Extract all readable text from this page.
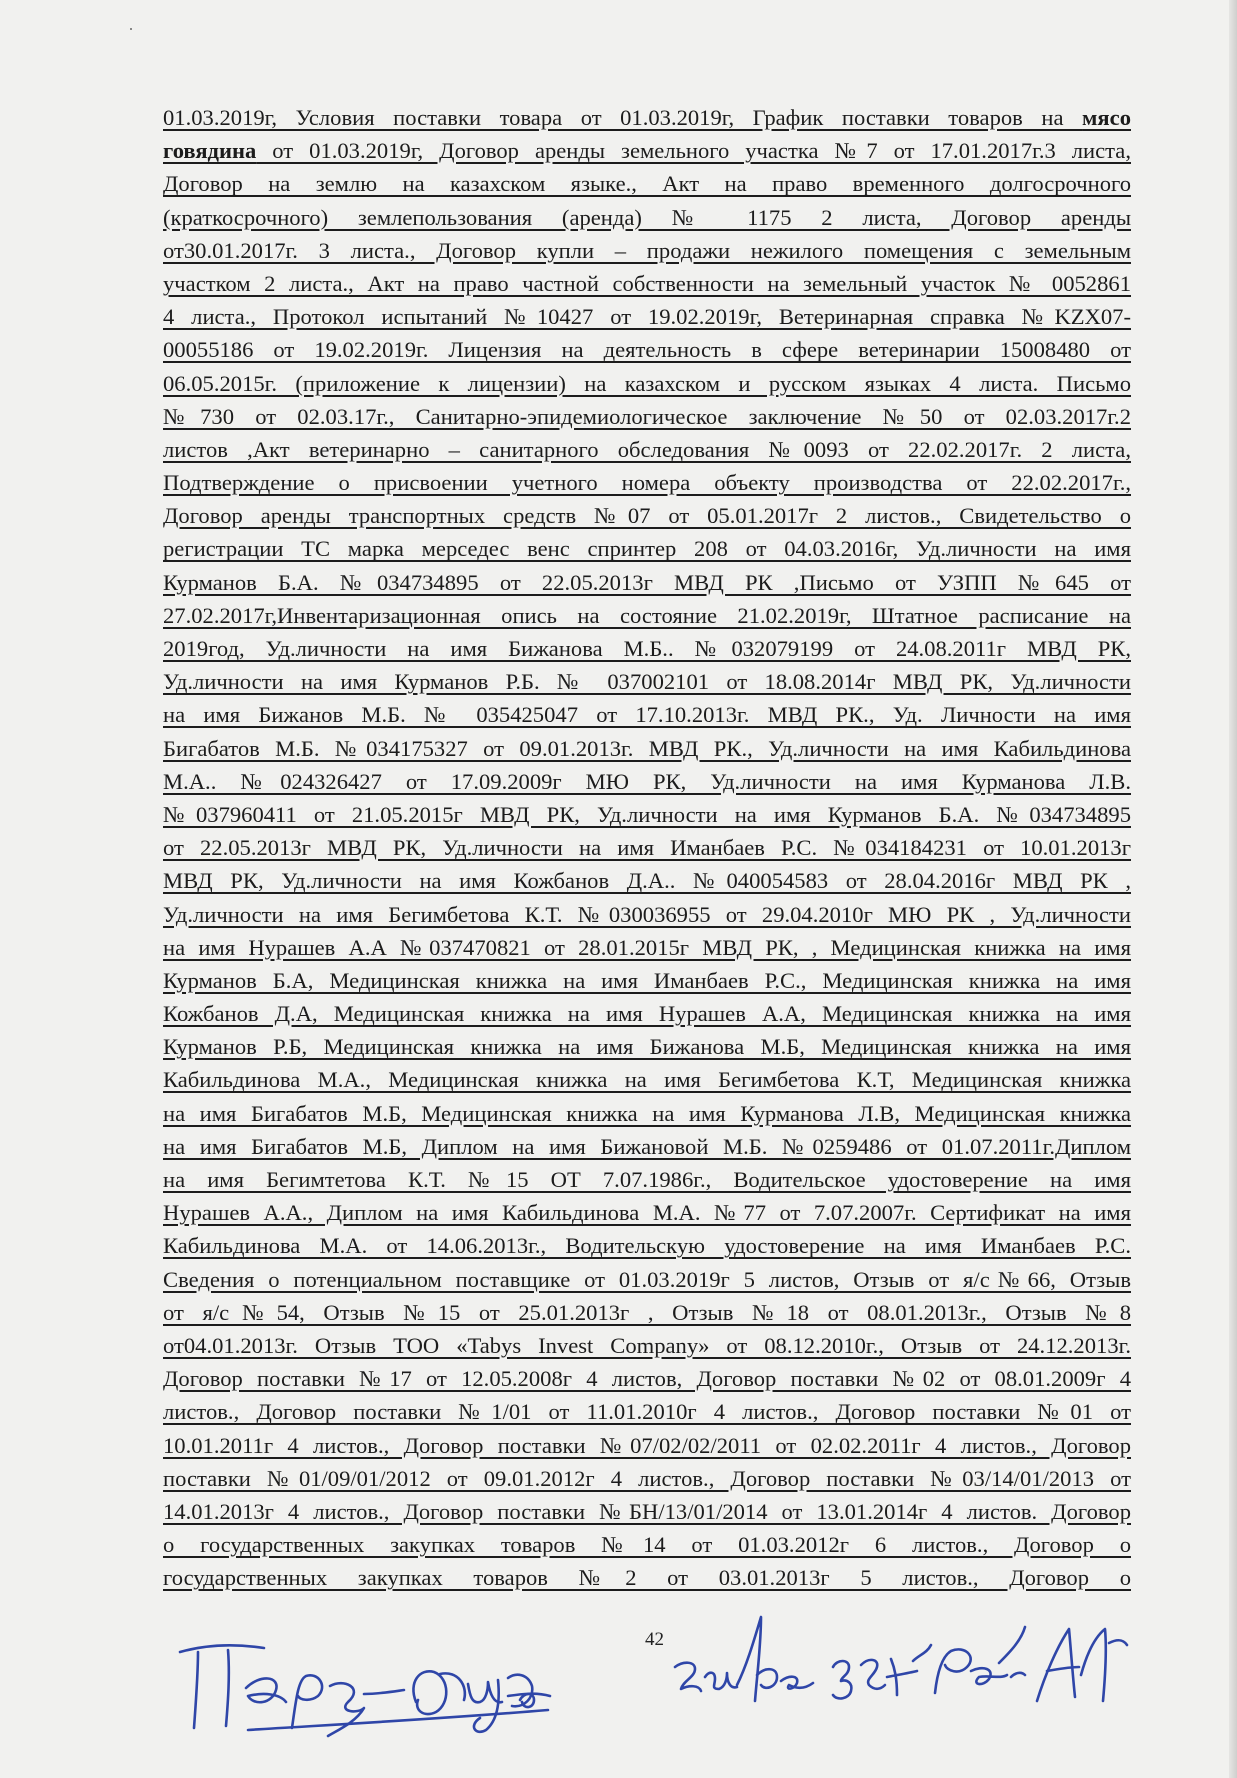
01.03.2019г, Условия поставки товара от 01.03.2019г, График поставки товаров на мясо
говядина от 01.03.2019г, Договор аренды земельного участка №7 от 17.01.2017г.3 листа,
Договор на землю на казахском языке., Акт на право временного долгосрочного
(краткосрочного) землепользования (аренда) № 1175 2 листа, Договор аренды
от30.01.2017г. 3 листа., Договор купли – продажи нежилого помещения с земельным
участком 2 листа., Акт на право частной собственности на земельный участок № 0052861
4 листа., Протокол испытаний №10427 от 19.02.2019г, Ветеринарная справка №KZX07-
00055186 от 19.02.2019г. Лицензия на деятельность в сфере ветеринарии 15008480 от
06.05.2015г. (приложение к лицензии) на казахском и русском языках 4 листа. Письмо
№730 от 02.03.17г., Санитарно-эпидемиологическое заключение №50 от 02.03.2017г.2
листов ,Акт ветеринарно – санитарного обследования №0093 от 22.02.2017г. 2 листа,
Подтверждение о присвоении учетного номера объекту производства от 22.02.2017г.,
Договор аренды транспортных средств №07 от 05.01.2017г 2 листов., Свидетельство о
регистрации ТС марка мерседес венс спринтер 208 от 04.03.2016г, Уд.личности на имя
Курманов Б.А. №034734895 от 22.05.2013г МВД РК ,Письмо от УЗПП №645 от
27.02.2017г,Инвентаризационная опись на состояние 21.02.2019г, Штатное расписание на
2019год, Уд.личности на имя Бижанова М.Б.. №032079199 от 24.08.2011г МВД РК,
Уд.личности на имя Курманов Р.Б. № 037002101 от 18.08.2014г МВД РК, Уд.личности
на имя Бижанов М.Б. № 035425047 от 17.10.2013г. МВД РК., Уд. Личности на имя
Бигабатов М.Б. №034175327 от 09.01.2013г. МВД РК., Уд.личности на имя Кабильдинова
М.А.. №024326427 от 17.09.2009г МЮ РК, Уд.личности на имя Курманова Л.В.
№037960411 от 21.05.2015г МВД РК, Уд.личности на имя Курманов Б.А. №034734895
от 22.05.2013г МВД РК, Уд.личности на имя Иманбаев Р.С. №034184231 от 10.01.2013г
МВД РК, Уд.личности на имя Кожбанов Д.А.. №040054583 от 28.04.2016г МВД РК ,
Уд.личности на имя Бегимбетова К.Т. №030036955 от 29.04.2010г МЮ РК , Уд.личности
на имя Нурашев А.А №037470821 от 28.01.2015г МВД РК, , Медицинская книжка на имя
Курманов Б.А, Медицинская книжка на имя Иманбаев Р.С., Медицинская книжка на имя
Кожбанов Д.А, Медицинская книжка на имя Нурашев А.А, Медицинская книжка на имя
Курманов Р.Б, Медицинская книжка на имя Бижанова М.Б, Медицинская книжка на имя
Кабильдинова М.А., Медицинская книжка на имя Бегимбетова К.Т, Медицинская книжка
на имя Бигабатов М.Б, Медицинская книжка на имя Курманова Л.В, Медицинская книжка
на имя Бигабатов М.Б, Диплом на имя Бижановой М.Б. №0259486 от 01.07.2011г.Диплом
на имя Бегимтетова К.Т. №15 ОТ 7.07.1986г., Водительское удостоверение на имя
Нурашев А.А., Диплом на имя Кабильдинова М.А. №77 от 7.07.2007г. Сертификат на имя
Кабильдинова М.А. от 14.06.2013г., Водительскую удостоверение на имя Иманбаев Р.С.
Сведения о потенциальном поставщике от 01.03.2019г 5 листов, Отзыв от я/с№66, Отзыв
от я/с№54, Отзыв №15 от 25.01.2013г , Отзыв №18 от 08.01.2013г., Отзыв №8
от04.01.2013г. Отзыв ТОО «Tabys Invest Company» от 08.12.2010г., Отзыв от 24.12.2013г.
Договор поставки №17 от 12.05.2008г 4 листов, Договор поставки №02 от 08.01.2009г 4
листов., Договор поставки №1/01 от 11.01.2010г 4 листов., Договор поставки №01 от
10.01.2011г 4 листов., Договор поставки №07/02/02/2011 от 02.02.2011г 4 листов., Договор
поставки №01/09/01/2012 от 09.01.2012г 4 листов., Договор поставки №03/14/01/2013 от
14.01.2013г 4 листов., Договор поставки №БН/13/01/2014 от 13.01.2014г 4 листов. Договор
о государственных закупках товаров №14 от 01.03.2012г 6 листов., Договор о
государственных закупках товаров №2 от 03.01.2013г 5 листов., Договор о
42
